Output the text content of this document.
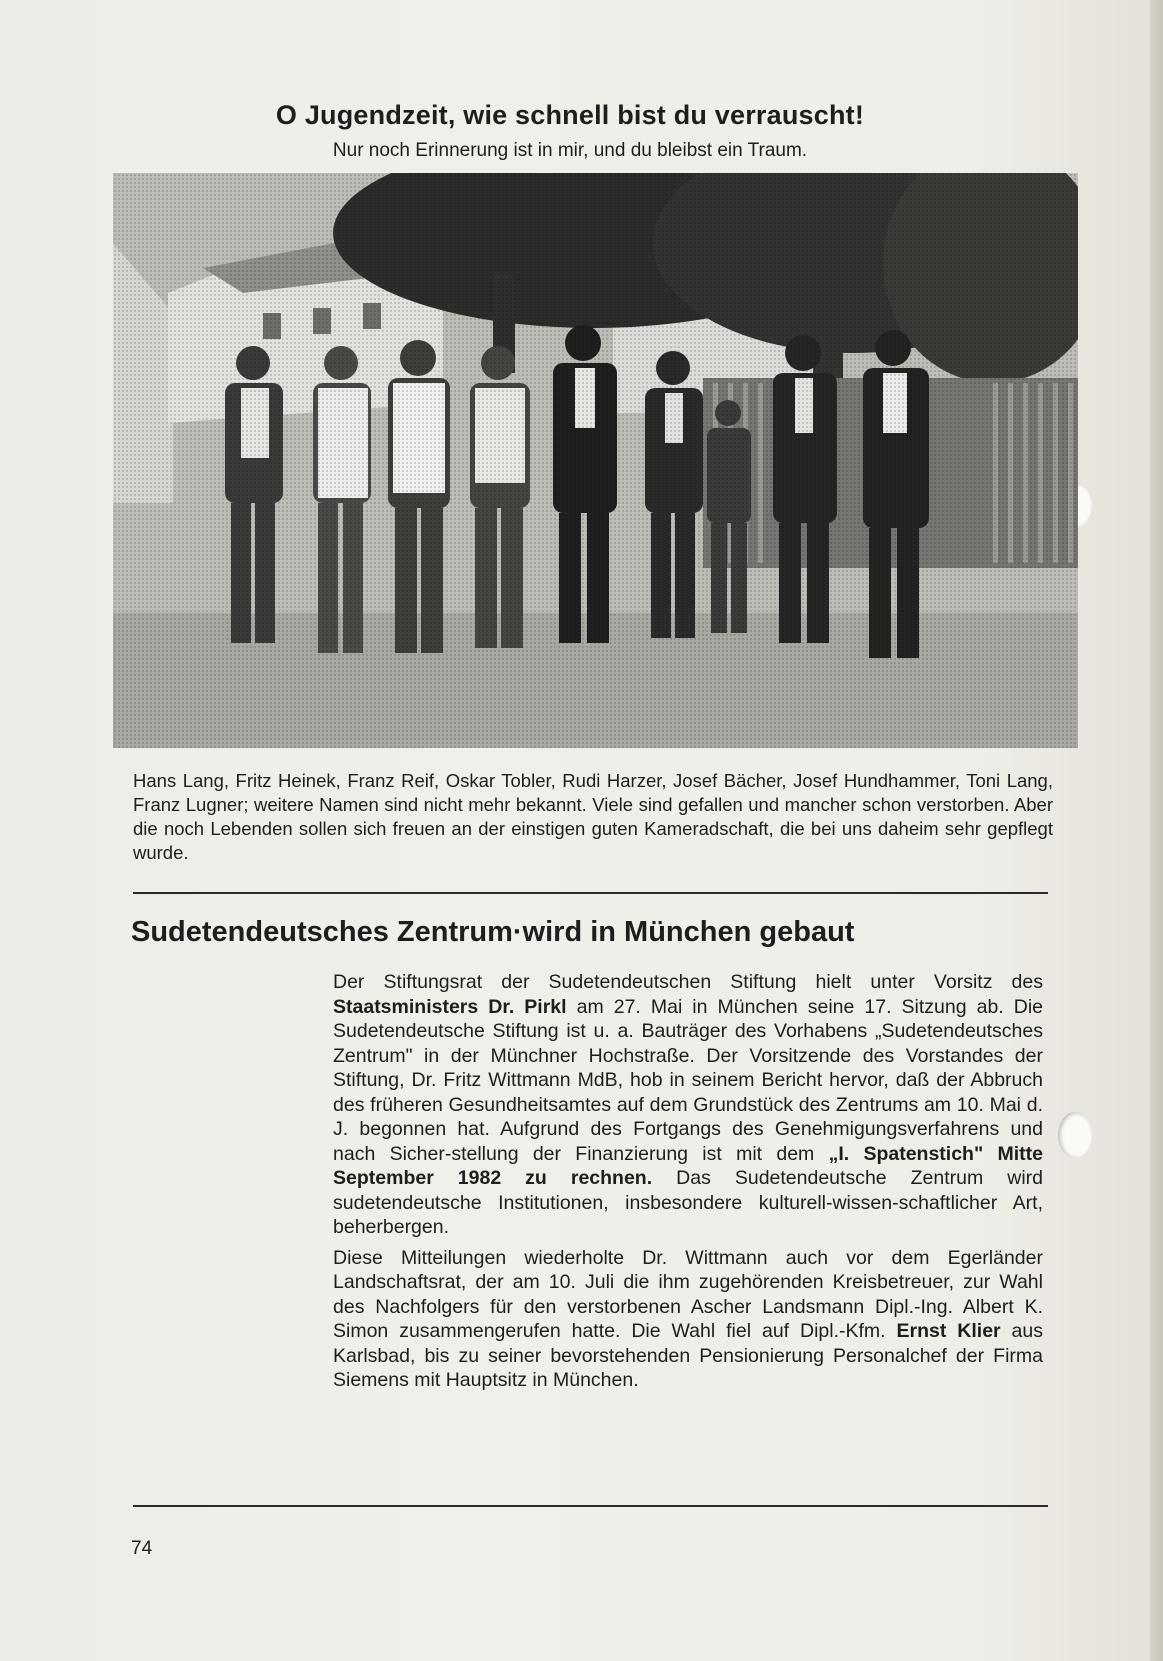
O Jugendzeit, wie schnell bist du verrauscht!
Nur noch Erinnerung ist in mir, und du bleibst ein Traum.
Hans Lang, Fritz Heinek, Franz Reif, Oskar Tobler, Rudi Harzer, Josef Bächer, Josef Hundhammer, Toni Lang, Franz Lugner; weitere Namen sind nicht mehr bekannt. Viele sind gefallen und mancher schon verstorben. Aber die noch Lebenden sollen sich freuen an der einstigen guten Kameradschaft, die bei uns daheim sehr gepflegt wurde.
Sudetendeutsches Zentrum·wird in München gebaut

Der Stiftungsrat der Sudetendeutschen Stiftung hielt unter Vorsitz des Staatsministers Dr. Pirkl am 27. Mai in München seine 17. Sitzung ab. Die Sudetendeutsche Stiftung ist u. a. Bauträger des Vorhabens „Sudetendeutsches Zentrum" in der Münchner Hochstraße. Der Vorsitzende des Vorstandes der Stiftung, Dr. Fritz Wittmann MdB, hob in seinem Bericht hervor, daß der Abbruch des früheren Gesundheitsamtes auf dem Grundstück des Zentrums am 10. Mai d. J. begonnen hat. Aufgrund des Fortgangs des Genehmigungsverfahrens und nach Sicher-stellung der Finanzierung ist mit dem „I. Spatenstich" Mitte September 1982 zu rechnen. Das Sudetendeutsche Zentrum wird sudetendeutsche Institutionen, insbesondere kulturell-wissen-schaftlicher Art, beherbergen.

Diese Mitteilungen wiederholte Dr. Wittmann auch vor dem Egerländer Landschaftsrat, der am 10. Juli die ihm zugehörenden Kreisbetreuer, zur Wahl des Nachfolgers für den verstorbenen Ascher Landsmann Dipl.-Ing. Albert K. Simon zusammengerufen hatte. Die Wahl fiel auf Dipl.-Kfm. Ernst Klier aus Karlsbad, bis zu seiner bevorstehenden Pensionierung Personalchef der Firma Siemens mit Hauptsitz in München.

74
